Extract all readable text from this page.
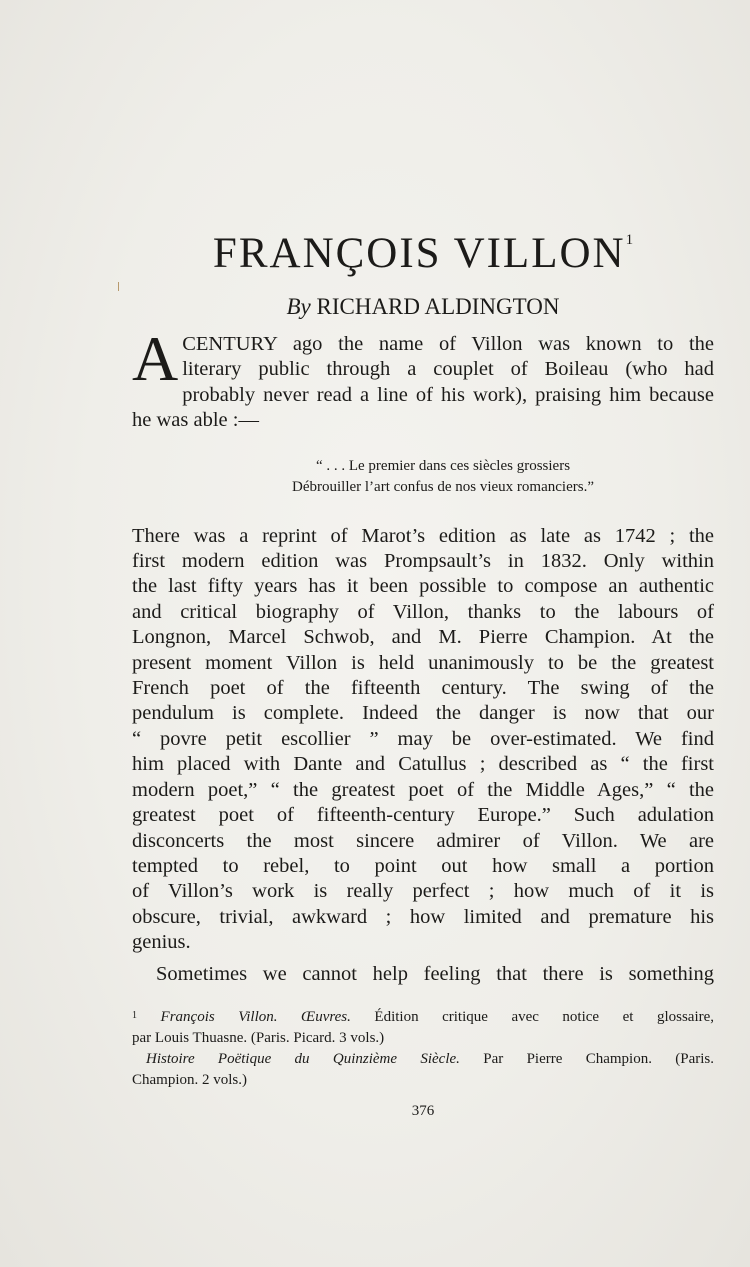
FRANÇOIS VILLON$^1$
By RICHARD ALDINGTON
A CENTURY ago the name of Villon was known to the
literary public through a couplet of Boileau (who had
probably never read a line of his work), praising him because
he was able :—
“ . . . Le premier dans ces siècles grossiers
Débrouiller l’art confus de nos vieux romanciers.”
There was a reprint of Marot’s edition as late as 1742 ; the
first modern edition was Prompsault’s in 1832. Only within
the last fifty years has it been possible to compose an authentic
and critical biography of Villon, thanks to the labours of
Longnon, Marcel Schwob, and M. Pierre Champion. At the
present moment Villon is held unanimously to be the greatest
French poet of the fifteenth century. The swing of the
pendulum is complete. Indeed the danger is now that our
“ povre petit escollier ” may be over-estimated. We find
him placed with Dante and Catullus ; described as “ the first
modern poet,” “ the greatest poet of the Middle Ages,” “ the
greatest poet of fifteenth-century Europe.” Such adulation
disconcerts the most sincere admirer of Villon. We are
tempted to rebel, to point out how small a portion
of Villon’s work is really perfect ; how much of it is
obscure, trivial, awkward ; how limited and premature his
genius.
Sometimes we cannot help feeling that there is something
$^1$ François Villon. Œuvres. Édition critique avec notice et glossaire,
par Louis Thuasne. (Paris. Picard. 3 vols.)
Histoire Poëtique du Quinzième Siècle. Par Pierre Champion. (Paris.
Champion. 2 vols.)
376
